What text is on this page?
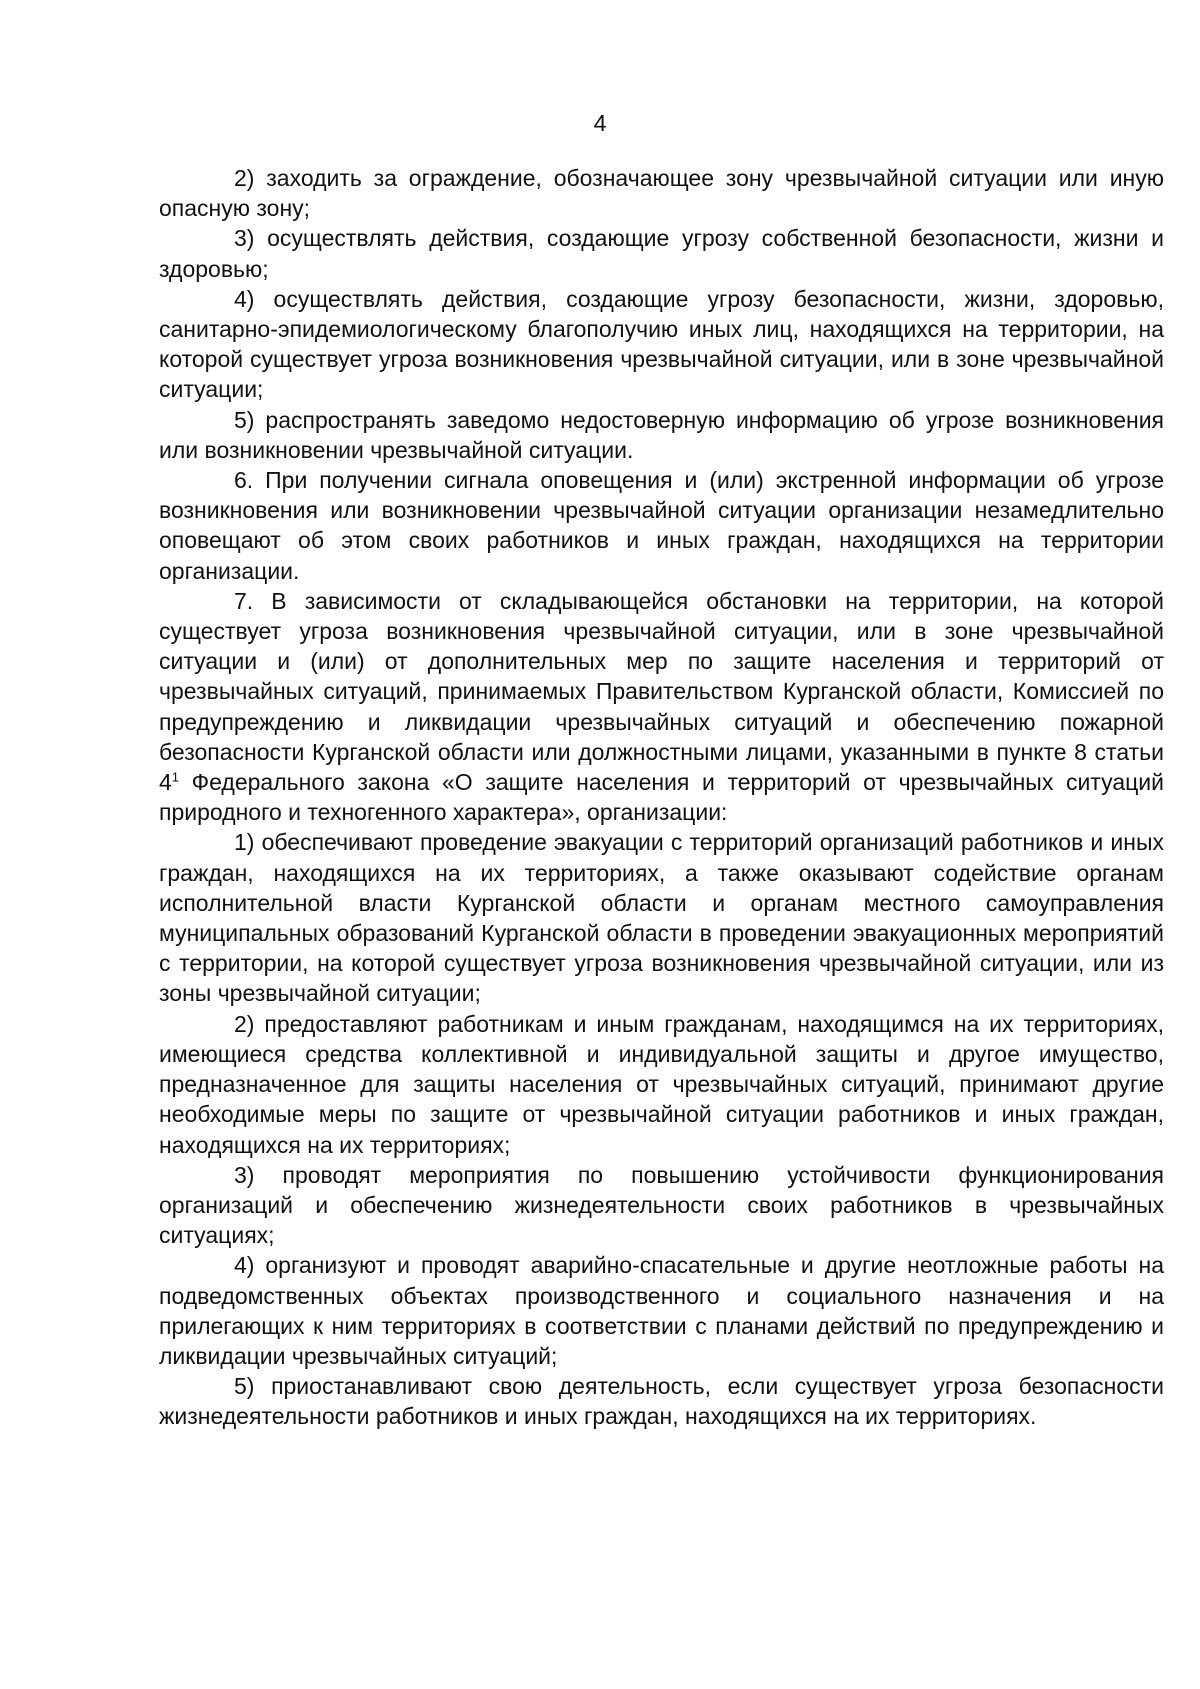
4

2) заходить за ограждение, обозначающее зону чрезвычайной ситуации или иную опасную зону;

3) осуществлять действия, создающие угрозу собственной безопасности, жизни и здоровью;

4) осуществлять действия, создающие угрозу безопасности, жизни, здоровью, санитарно-эпидемиологическому благополучию иных лиц, находящихся на территории, на которой существует угроза возникновения чрезвычайной ситуации, или в зоне чрезвычайной ситуации;

5) распространять заведомо недостоверную информацию об угрозе возникновения или возникновении чрезвычайной ситуации.

6. При получении сигнала оповещения и (или) экстренной информации об угрозе возникновения или возникновении чрезвычайной ситуации организации незамедлительно оповещают об этом своих работников и иных граждан, находящихся на территории организации.

7. В зависимости от складывающейся обстановки на территории, на которой существует угроза возникновения чрезвычайной ситуации, или в зоне чрезвычайной ситуации и (или) от дополнительных мер по защите населения и территорий от чрезвычайных ситуаций, принимаемых Правительством Курганской области, Комиссией по предупреждению и ликвидации чрезвычайных ситуаций и обеспечению пожарной безопасности Курганской области или должностными лицами, указанными в пункте 8 статьи $4^1$ Федерального закона «О защите населения и территорий от чрезвычайных ситуаций природного и техногенного характера», организации:

1) обеспечивают проведение эвакуации с территорий организаций работников и иных граждан, находящихся на их территориях, а также оказывают содействие органам исполнительной власти Курганской области и органам местного самоуправления муниципальных образований Курганской области в проведении эвакуационных мероприятий с территории, на которой существует угроза возникновения чрезвычайной ситуации, или из зоны чрезвычайной ситуации;

2) предоставляют работникам и иным гражданам, находящимся на их территориях, имеющиеся средства коллективной и индивидуальной защиты и другое имущество, предназначенное для защиты населения от чрезвычайных ситуаций, принимают другие необходимые меры по защите от чрезвычайной ситуации работников и иных граждан, находящихся на их территориях;

3) проводят мероприятия по повышению устойчивости функционирования организаций и обеспечению жизнедеятельности своих работников в чрезвычайных ситуациях;

4) организуют и проводят аварийно-спасательные и другие неотложные работы на подведомственных объектах производственного и социального назначения и на прилегающих к ним территориях в соответствии с планами действий по предупреждению и ликвидации чрезвычайных ситуаций;

5) приостанавливают свою деятельность, если существует угроза безопасности жизнедеятельности работников и иных граждан, находящихся на их территориях.
